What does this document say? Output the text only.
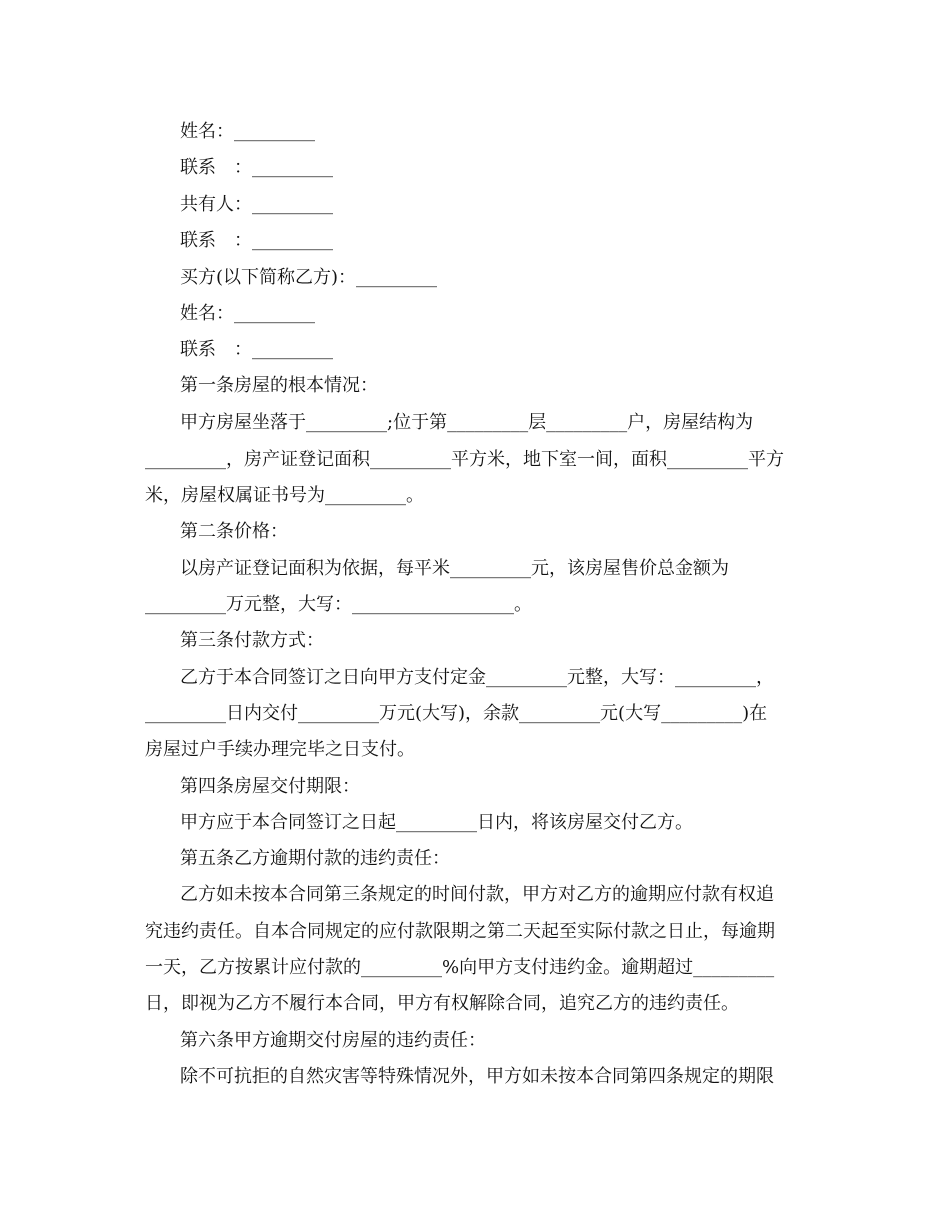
姓名：_________
联系　：_________
共有人：_________
联系　：_________
买方(以下简称乙方)：_________
姓名：_________
联系　：_________
第一条房屋的根本情况：
甲方房屋坐落于_________;位于第_________层_________户，房屋结构为
_________，房产证登记面积_________平方米，地下室一间，面积_________平方
米，房屋权属证书号为_________。
第二条价格：
以房产证登记面积为依据，每平米_________元，该房屋售价总金额为
_________万元整，大写：__________________。
第三条付款方式：
乙方于本合同签订之日向甲方支付定金_________元整，大写：_________，
_________日内交付_________万元(大写)，余款_________元(大写_________)在
房屋过户手续办理完毕之日支付。
第四条房屋交付期限：
甲方应于本合同签订之日起_________日内，将该房屋交付乙方。
第五条乙方逾期付款的违约责任：
乙方如未按本合同第三条规定的时间付款，甲方对乙方的逾期应付款有权追
究违约责任。自本合同规定的应付款限期之第二天起至实际付款之日止，每逾期
一天，乙方按累计应付款的_________%向甲方支付违约金。逾期超过_________
日，即视为乙方不履行本合同，甲方有权解除合同，追究乙方的违约责任。
第六条甲方逾期交付房屋的违约责任：
除不可抗拒的自然灾害等特殊情况外，甲方如未按本合同第四条规定的期限
